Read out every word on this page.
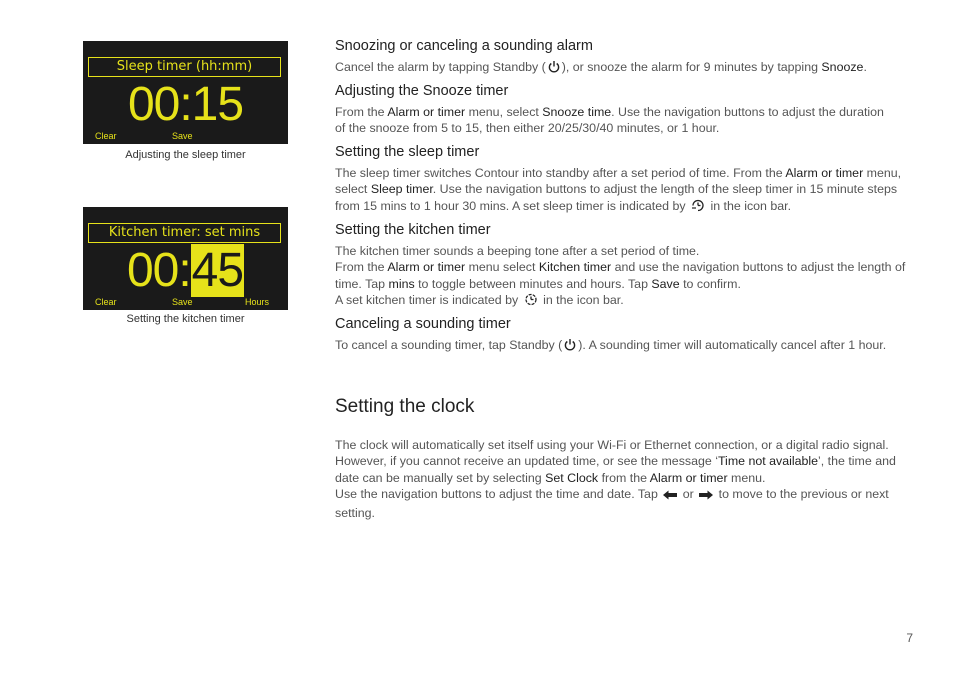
Sleep timer (hh:mm)
00:15
Clear	Save
Adjusting the sleep timer
Kitchen timer: set mins
00:45
Clear	Save	Hours
Setting the kitchen timer
Snoozing or canceling a sounding alarm
Cancel the alarm by tapping Standby ( ), or snooze the alarm for 9 minutes by tapping Snooze.
Adjusting the Snooze timer
From the Alarm or timer menu, select Snooze time. Use the navigation buttons to adjust the duration of the snooze from 5 to 15, then either 20/25/30/40 minutes, or 1 hour.
Setting the sleep timer
The sleep timer switches Contour into standby after a set period of time. From the Alarm or timer menu, select Sleep timer. Use the navigation buttons to adjust the length of the sleep timer in 15 minute steps from 15 mins to 1 hour 30 mins. A set sleep timer is indicated by  in the icon bar.
Setting the kitchen timer
The kitchen timer sounds a beeping tone after a set period of time.
From the Alarm or timer menu select Kitchen timer and use the navigation buttons to adjust the length of time. Tap mins to toggle between minutes and hours. Tap Save to confirm.
A set kitchen timer is indicated by  in the icon bar.
Canceling a sounding timer
To cancel a sounding timer, tap Standby ( ). A sounding timer will automatically cancel after 1 hour.
Setting the clock
The clock will automatically set itself using your Wi-Fi or Ethernet connection, or a digital radio signal. However, if you cannot receive an updated time, or see the message ‘Time not available’, the time and date can be manually set by selecting Set Clock from the Alarm or timer menu.
Use the navigation buttons to adjust the time and date. Tap  or  to move to the previous or next setting.
7
